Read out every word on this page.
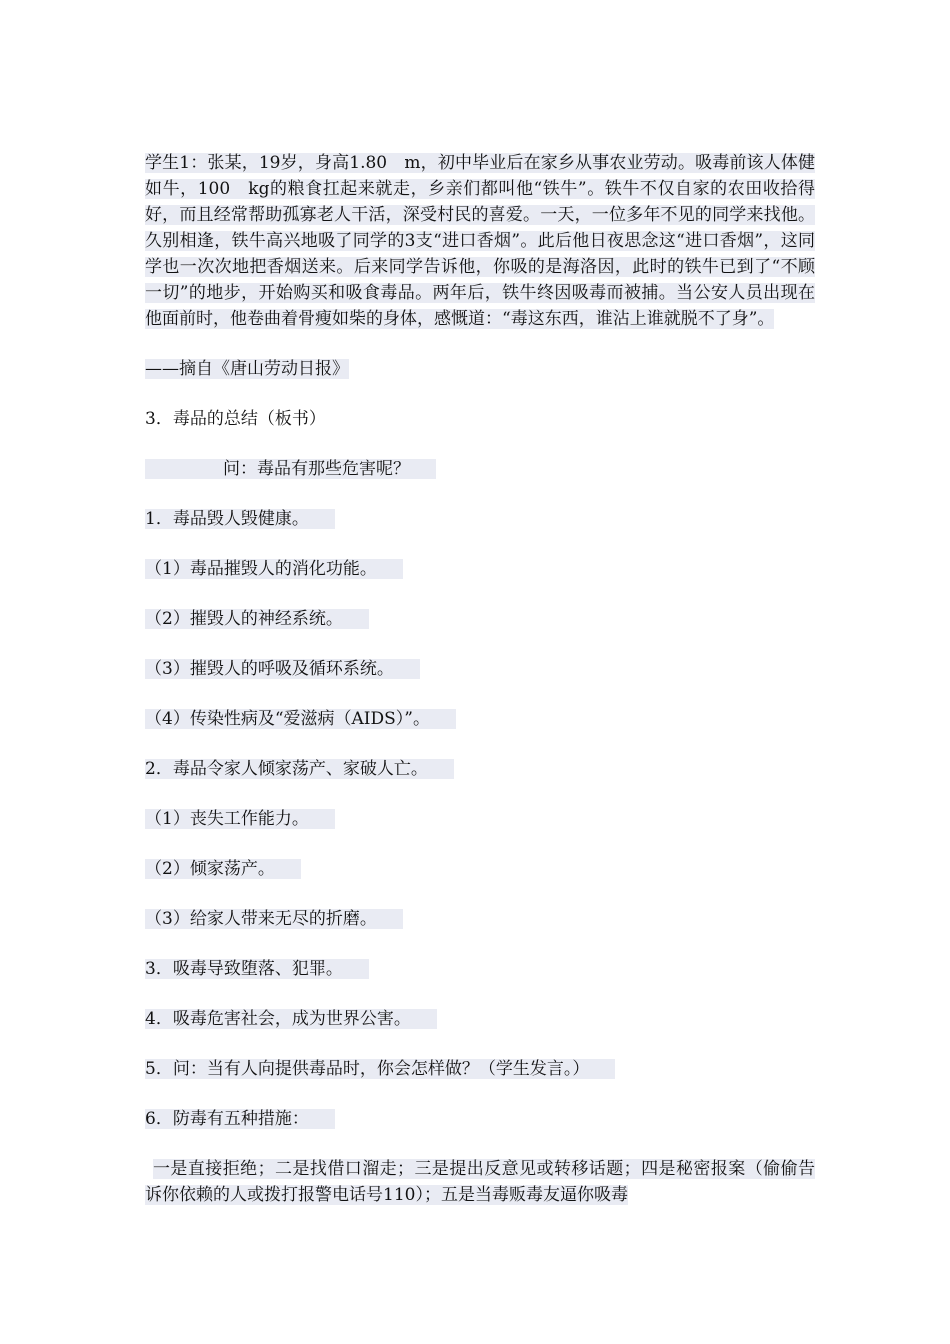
学生1：张某，19岁，身高1.80　m，初中毕业后在家乡从事农业劳动。吸毒前该人体健如牛，100　kg的粮食扛起来就走，乡亲们都叫他“铁牛”。铁牛不仅自家的农田收拾得好，而且经常帮助孤寡老人干活，深受村民的喜爱。一天，一位多年不见的同学来找他。久别相逢，铁牛高兴地吸了同学的3支“进口香烟”。此后他日夜思念这“进口香烟”，这同学也一次次地把香烟送来。后来同学告诉他，你吸的是海洛因，此时的铁牛已到了“不顾一切”的地步，开始购买和吸食毒品。两年后，铁牛终因吸毒而被捕。当公安人员出现在他面前时，他卷曲着骨瘦如柴的身体，感慨道：“毒这东西，谁沾上谁就脱不了身”。

——摘自《唐山劳动日报》

3．毒品的总结（板书）

问：毒品有那些危害呢？

1．毒品毁人毁健康。

（1）毒品摧毁人的消化功能。

（2）摧毁人的神经系统。

（3）摧毁人的呼吸及循环系统。

（4）传染性病及“爱滋病（AIDS）”。

2．毒品令家人倾家荡产、家破人亡。

（1）丧失工作能力。

（2）倾家荡产。

（3）给家人带来无尽的折磨。

3．吸毒导致堕落、犯罪。

4．吸毒危害社会，成为世界公害。

5．问：当有人向提供毒品时，你会怎样做？（学生发言。）

6．防毒有五种措施：

一是直接拒绝；二是找借口溜走；三是提出反意见或转移话题；四是秘密报案（偷偷告诉你依赖的人或拨打报警电话号110）；五是当毒贩毒友逼你吸毒
